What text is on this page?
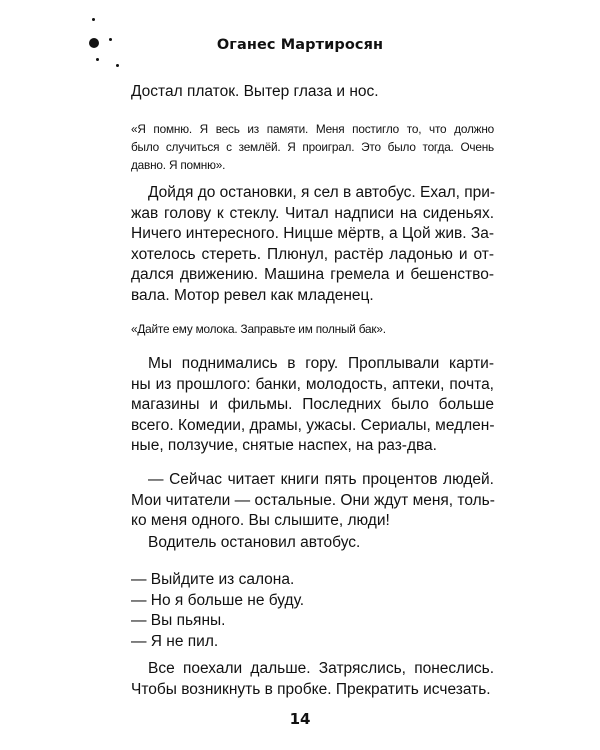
Оганес Мартиросян
Достал платок. Вытер глаза и нос.
«Я помню. Я весь из памяти. Меня постигло то, что должно
было случиться с землёй. Я проиграл. Это было тогда. Очень
давно. Я помню».
Дойдя до остановки, я сел в автобус. Ехал, при-
жав голову к стеклу. Читал надписи на сиденьях.
Ничего интересного. Ницше мёртв, а Цой жив. За-
хотелось стереть. Плюнул, растёр ладонью и от-
дался движению. Машина гремела и бешенство-
вала. Мотор ревел как младенец.
«Дайте ему молока. Заправьте им полный бак».
Мы поднимались в гору. Проплывали карти-
ны из прошлого: банки, молодость, аптеки, почта,
магазины и фильмы. Последних было больше
всего. Комедии, драмы, ужасы. Сериалы, медлен-
ные, ползучие, снятые наспех, на раз-два.
— Сейчас читает книги пять процентов людей.
Мои читатели — остальные. Они ждут меня, толь-
ко меня одного. Вы слышите, люди!
Водитель остановил автобус.
— Выйдите из салона.
— Но я больше не буду.
— Вы пьяны.
— Я не пил.
Все поехали дальше. Затряслись, понеслись.
Чтобы возникнуть в пробке. Прекратить исчезать.
14
